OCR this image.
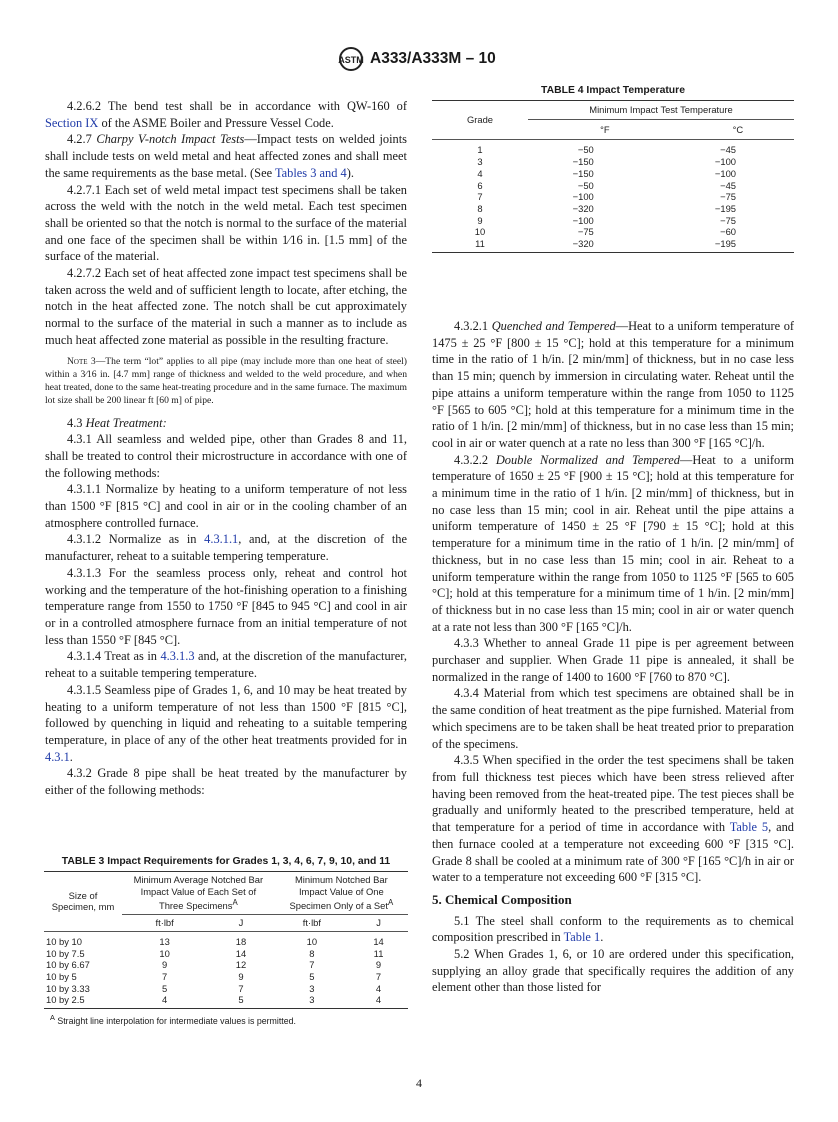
ASTM A333/A333M – 10

4.2.6.2 The bend test shall be in accordance with QW-160 of Section IX of the ASME Boiler and Pressure Vessel Code.

4.2.7 Charpy V-notch Impact Tests—Impact tests on welded joints shall include tests on weld metal and heat affected zones and shall meet the same requirements as the base metal. (See Tables 3 and 4).

4.2.7.1 Each set of weld metal impact test specimens shall be taken across the weld with the notch in the weld metal. Each test specimen shall be oriented so that the notch is normal to the surface of the material and one face of the specimen shall be within 1⁄16 in. [1.5 mm] of the surface of the material.

4.2.7.2 Each set of heat affected zone impact test specimens shall be taken across the weld and of sufficient length to locate, after etching, the notch in the heat affected zone. The notch shall be cut approximately normal to the surface of the material in such a manner as to include as much heat affected zone material as possible in the resulting fracture.

Note 3—The term “lot” applies to all pipe (may include more than one heat of steel) within a 3⁄16 in. [4.7 mm] range of thickness and welded to the weld procedure, and when heat treated, done to the same heat-treating procedure and in the same furnace. The maximum lot size shall be 200 linear ft [60 m] of pipe.

4.3 Heat Treatment:

4.3.1 All seamless and welded pipe, other than Grades 8 and 11, shall be treated to control their microstructure in accordance with one of the following methods:

4.3.1.1 Normalize by heating to a uniform temperature of not less than 1500 °F [815 °C] and cool in air or in the cooling chamber of an atmosphere controlled furnace.

4.3.1.2 Normalize as in 4.3.1.1, and, at the discretion of the manufacturer, reheat to a suitable tempering temperature.

4.3.1.3 For the seamless process only, reheat and control hot working and the temperature of the hot-finishing operation to a finishing temperature range from 1550 to 1750 °F [845 to 945 °C] and cool in air or in a controlled atmosphere furnace from an initial temperature of not less than 1550 °F [845 °C].

4.3.1.4 Treat as in 4.3.1.3 and, at the discretion of the manufacturer, reheat to a suitable tempering temperature.

4.3.1.5 Seamless pipe of Grades 1, 6, and 10 may be heat treated by heating to a uniform temperature of not less than 1500 °F [815 °C], followed by quenching in liquid and reheating to a suitable tempering temperature, in place of any of the other heat treatments provided for in 4.3.1.

4.3.2 Grade 8 pipe shall be heat treated by the manufacturer by either of the following methods:

TABLE 3 Impact Requirements for Grades 1, 3, 4, 6, 7, 9, 10, and 11
Size of Specimen, mm	Minimum Average Notched Bar Impact Value of Each Set of Three Specimens$^A$		Minimum Notched Bar Impact Value of One Specimen Only of a Set$^A$
	ft·lbf	J	ft·lbf	J
10 by 10	13	18	10	14
10 by 7.5	10	14	8	11
10 by 6.67	9	12	7	9
10 by 5	7	9	5	7
10 by 3.33	5	7	3	4
10 by 2.5	4	5	3	4
$^A$ Straight line interpolation for intermediate values is permitted.
TABLE 4 Impact Temperature
Grade	Minimum Impact Test Temperature	
	°F	°C
1	−50	−45
3	−150	−100
4	−150	−100
6	−50	−45
7	−100	−75
8	−320	−195
9	−100	−75
10	−75	−60
11	−320	−195

4.3.2.1 Quenched and Tempered—Heat to a uniform temperature of 1475 ± 25 °F [800 ± 15 °C]; hold at this temperature for a minimum time in the ratio of 1 h/in. [2 min/mm] of thickness, but in no case less than 15 min; quench by immersion in circulating water. Reheat until the pipe attains a uniform temperature within the range from 1050 to 1125 °F [565 to 605 °C]; hold at this temperature for a minimum time in the ratio of 1 h/in. [2 min/mm] of thickness, but in no case less than 15 min; cool in air or water quench at a rate no less than 300 °F [165 °C]/h.

4.3.2.2 Double Normalized and Tempered—Heat to a uniform temperature of 1650 ± 25 °F [900 ± 15 °C]; hold at this temperature for a minimum time in the ratio of 1 h/in. [2 min/mm] of thickness, but in no case less than 15 min; cool in air. Reheat until the pipe attains a uniform temperature of 1450 ± 25 °F [790 ± 15 °C]; hold at this temperature for a minimum time in the ratio of 1 h/in. [2 min/mm] of thickness, but in no case less than 15 min; cool in air. Reheat to a uniform temperature within the range from 1050 to 1125 °F [565 to 605 °C]; hold at this temperature for a minimum time of 1 h/in. [2 min/mm] of thickness but in no case less than 15 min; cool in air or water quench at a rate not less than 300 °F [165 °C]/h.

4.3.3 Whether to anneal Grade 11 pipe is per agreement between purchaser and supplier. When Grade 11 pipe is annealed, it shall be normalized in the range of 1400 to 1600 °F [760 to 870 °C].

4.3.4 Material from which test specimens are obtained shall be in the same condition of heat treatment as the pipe furnished. Material from which specimens are to be taken shall be heat treated prior to preparation of the specimens.

4.3.5 When specified in the order the test specimens shall be taken from full thickness test pieces which have been stress relieved after having been removed from the heat-treated pipe. The test pieces shall be gradually and uniformly heated to the prescribed temperature, held at that temperature for a period of time in accordance with Table 5, and then furnace cooled at a temperature not exceeding 600 °F [315 °C]. Grade 8 shall be cooled at a minimum rate of 300 °F [165 °C]/h in air or water to a temperature not exceeding 600 °F [315 °C].

5. Chemical Composition

5.1 The steel shall conform to the requirements as to chemical composition prescribed in Table 1.

5.2 When Grades 1, 6, or 10 are ordered under this specification, supplying an alloy grade that specifically requires the addition of any element other than those listed for

4
